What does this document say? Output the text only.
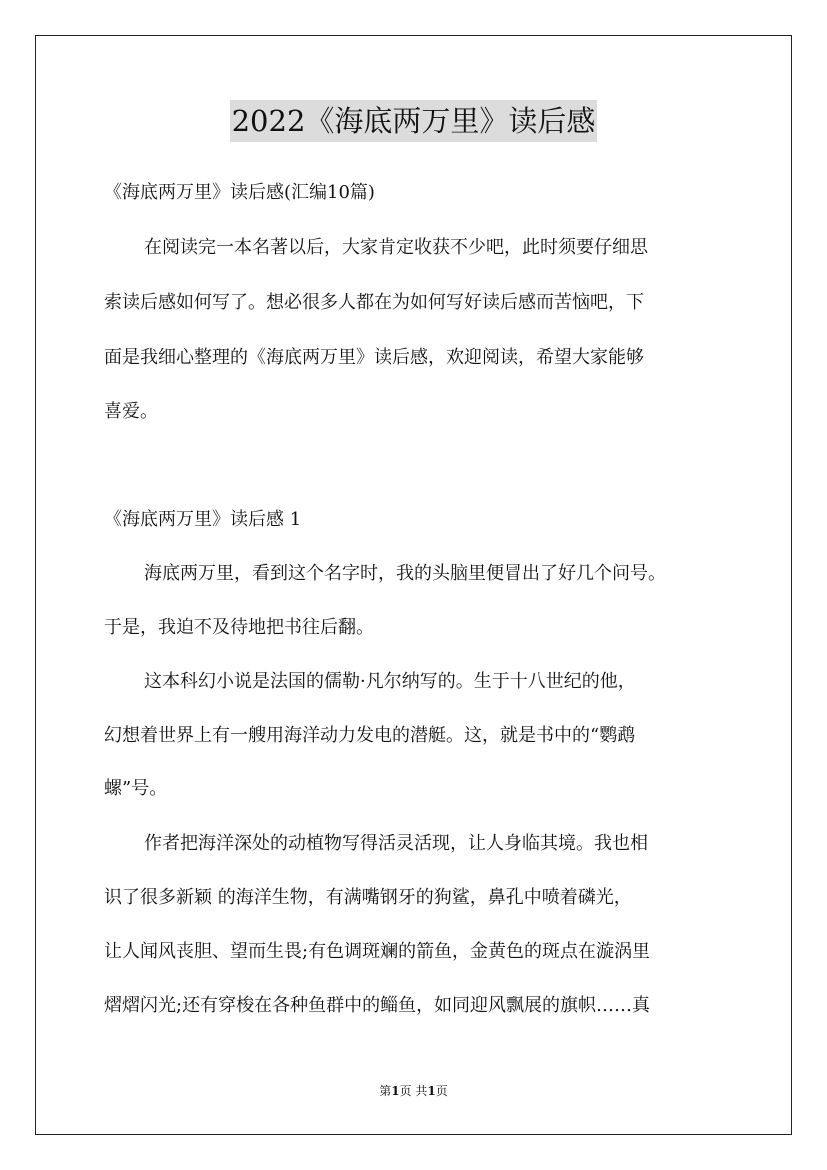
2022《海底两万里》读后感
《海底两万里》读后感(汇编10篇)
在阅读完一本名著以后，大家肯定收获不少吧，此时须要仔细思
索读后感如何写了。想必很多人都在为如何写好读后感而苦恼吧，下
面是我细心整理的《海底两万里》读后感，欢迎阅读，希望大家能够
喜爱。
《海底两万里》读后感 1
海底两万里，看到这个名字时，我的头脑里便冒出了好几个问号。
于是，我迫不及待地把书往后翻。
这本科幻小说是法国的儒勒·凡尔纳写的。生于十八世纪的他，
幻想着世界上有一艘用海洋动力发电的潜艇。这，就是书中的“鹦鹉
螺”号。
作者把海洋深处的动植物写得活灵活现，让人身临其境。我也相
识了很多新颖 的海洋生物，有满嘴钢牙的狗鲨，鼻孔中喷着磷光，
让人闻风丧胆、望而生畏;有色调斑斓的箭鱼，金黄色的斑点在漩涡里
熠熠闪光;还有穿梭在各种鱼群中的鲻鱼，如同迎风飘展的旗帜……真
第1页 共1页
